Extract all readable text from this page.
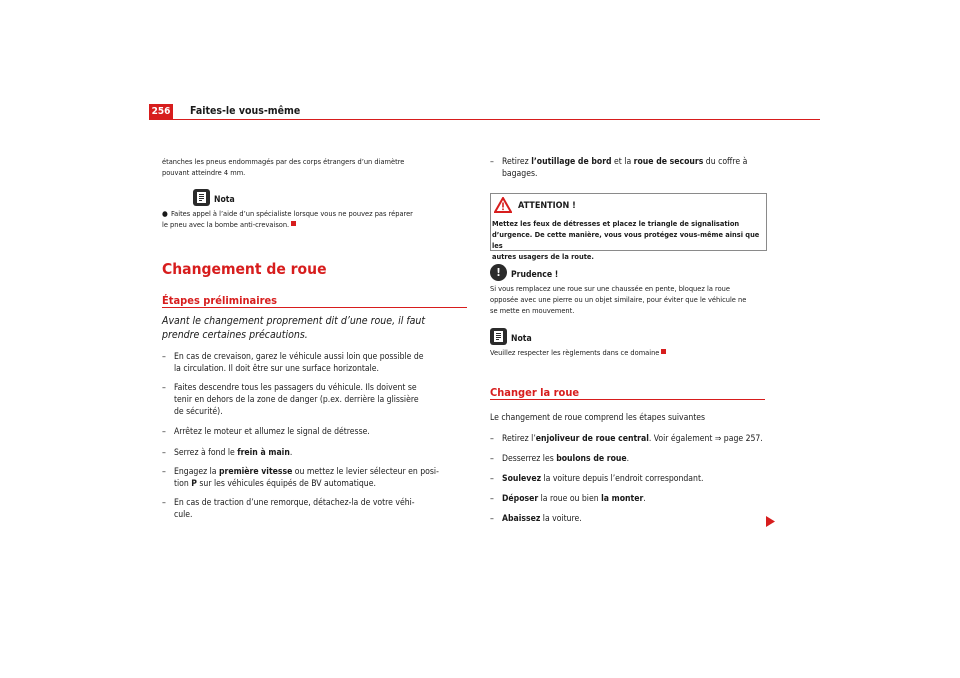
256 Faites-le vous-même
étanches les pneus endommagés par des corps étrangers d’un diamètre
pouvant atteindre 4 mm.
Nota
● Faites appel à l’aide d’un spécialiste lorsque vous ne pouvez pas réparer
le pneu avec la bombe anti-crevaison.
Changement de roue
Étapes préliminaires
Avant le changement proprement dit d’une roue, il faut
prendre certaines précautions.
– En cas de crevaison, garez le véhicule aussi loin que possible de
la circulation. Il doit être sur une surface horizontale.
– Faites descendre tous les passagers du véhicule. Ils doivent se
tenir en dehors de la zone de danger (p.ex. derrière la glissière
de sécurité).
– Arrêtez le moteur et allumez le signal de détresse.
– Serrez à fond le frein à main.
– Engagez la première vitesse ou mettez le levier sélecteur en posi-
tion P sur les véhicules équipés de BV automatique.
– En cas de traction d’une remorque, détachez-la de votre véhi-
cule.
– Retirez l’outillage de bord et la roue de secours du coffre à
bagages.
ATTENTION !
Mettez les feux de détresses et placez le triangle de signalisation
d’urgence. De cette manière, vous vous protégez vous-même ainsi que les
autres usagers de la route.
!	Prudence !
Si vous remplacez une roue sur une chaussée en pente, bloquez la roue
opposée avec une pierre ou un objet similaire, pour éviter que le véhicule ne
se mette en mouvement.
Nota
Veuillez respecter les règlements dans ce domaine
Changer la roue
Le changement de roue comprend les étapes suivantes
– Retirez l’enjoliveur de roue central. Voir également ⇒ page 257.
– Desserrez les boulons de roue.
– Soulevez la voiture depuis l’endroit correspondant.
– Déposer la roue ou bien la monter.
– Abaissez la voiture.
